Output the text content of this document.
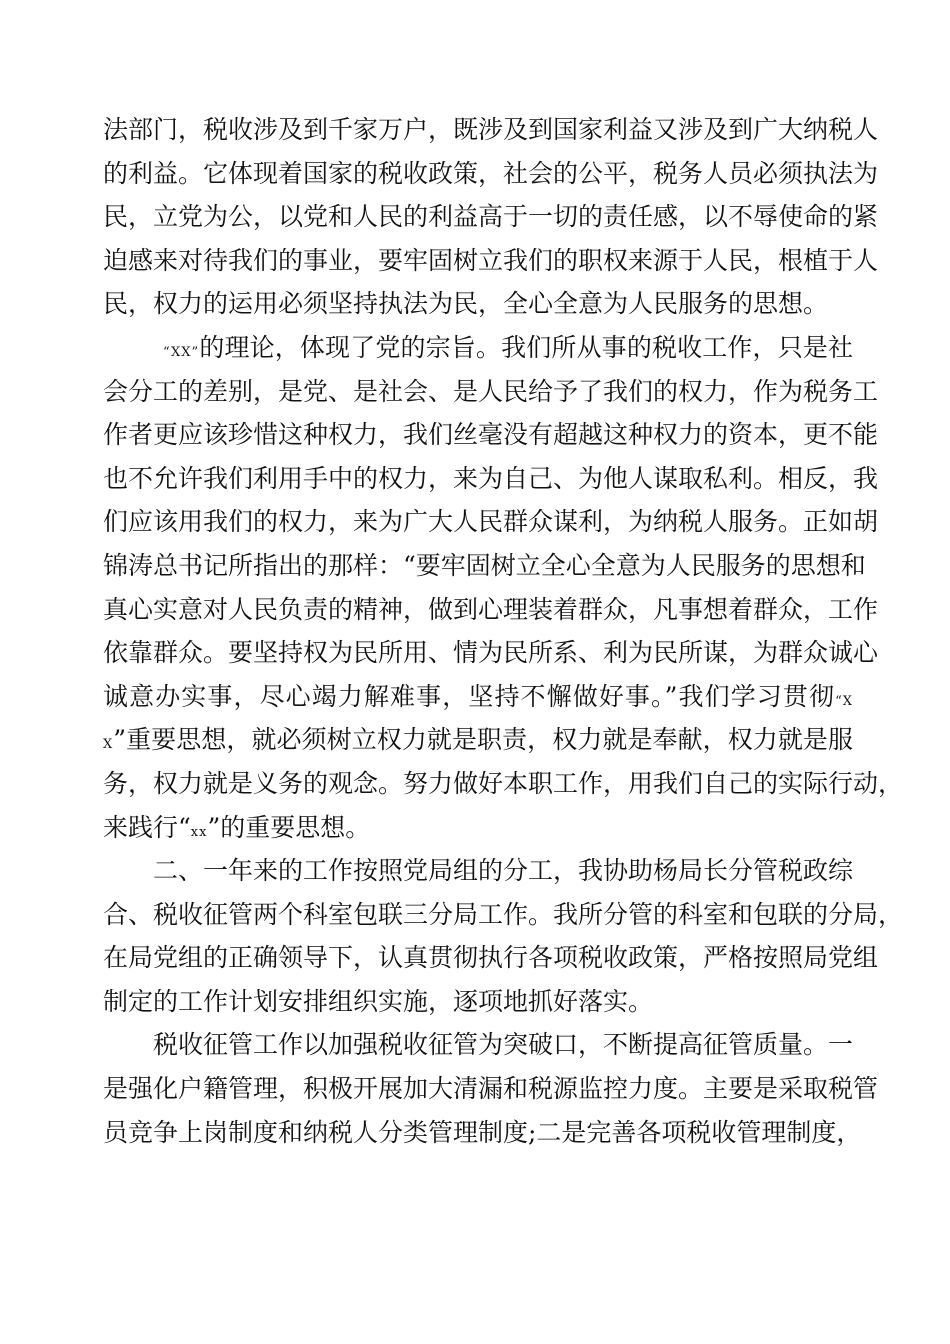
法部门，税收涉及到千家万户，既涉及到国家利益又涉及到广大纳税人
的利益。它体现着国家的税收政策，社会的公平，税务人员必须执法为
民，立党为公，以党和人民的利益高于一切的责任感，以不辱使命的紧
迫感来对待我们的事业，要牢固树立我们的职权来源于人民，根植于人
民，权力的运用必须坚持执法为民，全心全意为人民服务的思想。
“XX”的理论，体现了党的宗旨。我们所从事的税收工作，只是社
会分工的差别，是党、是社会、是人民给予了我们的权力，作为税务工
作者更应该珍惜这种权力，我们丝毫没有超越这种权力的资本，更不能
也不允许我们利用手中的权力，来为自己、为他人谋取私利。相反，我
们应该用我们的权力，来为广大人民群众谋利，为纳税人服务。正如胡
锦涛总书记所指出的那样：“要牢固树立全心全意为人民服务的思想和
真心实意对人民负责的精神，做到心理装着群众，凡事想着群众，工作
依靠群众。要坚持权为民所用、情为民所系、利为民所谋，为群众诚心
诚意办实事，尽心竭力解难事，坚持不懈做好事。”我们学习贯彻“X
X”重要思想，就必须树立权力就是职责，权力就是奉献，权力就是服
务，权力就是义务的观念。努力做好本职工作，用我们自己的实际行动，
来践行“xx”的重要思想。
二、一年来的工作按照党局组的分工，我协助杨局长分管税政综
合、税收征管两个科室包联三分局工作。我所分管的科室和包联的分局，
在局党组的正确领导下，认真贯彻执行各项税收政策，严格按照局党组
制定的工作计划安排组织实施，逐项地抓好落实。
税收征管工作以加强税收征管为突破口，不断提高征管质量。一
是强化户籍管理，积极开展加大清漏和税源监控力度。主要是采取税管
员竞争上岗制度和纳税人分类管理制度;二是完善各项税收管理制度，
